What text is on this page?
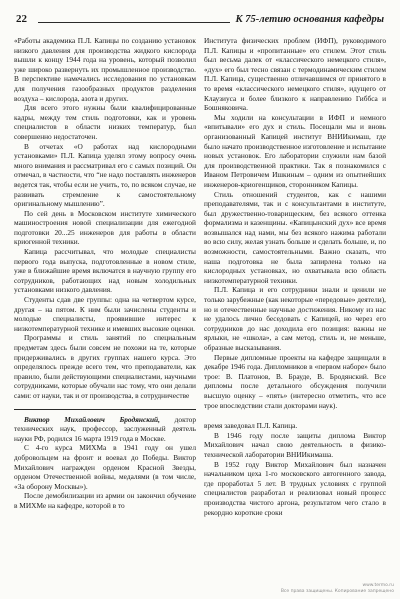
22	К 75-летию основания кафедры

«Работы академика П.Л. Капицы по созданию установок низкого давления для производства жидкого кислорода вышли к концу 1944 года на уровень, который позволил уже широко развернуть их промышленное производство. В перспективе намечались исследования по установкам для получения газообразных продуктов разделения воздуха – кислорода, азота и других.

Для всего этого нужны были квалифицированные кадры, между тем стиль подготовки, как и уровень специалистов в области низких температур, был совершенно недостаточен.

В отчетах «О работах над кислородными установками» П.Л. Капица уделял этому вопросу очень много внимания и рассматривал его с самых позиций. Он отмечал, в частности, что “не надо поставлять инженеров ведется так, чтобы если не учить, то, по всяком случае, не развивать стремление к самостоятельному оригинальному мышлению”.

По сей день в Московском институте химического машиностроения новой специализации для ежегодной подготовки 20...25 инженеров для работы в области криогенной техники.

Капица рассчитывал, что молодые специалисты первого года выпуска, подготовленные в новом стиле, уже в ближайшие время включатся в научную группу его сотрудников, работающих над новым холодильных установками низкого давления.

Студенты сдав две группы: одна на четвертом курсе, другая – на пятом. К ним были зачислены студенты и молодые специалисты, проявившие интерес к низкотемпературной технике и имевших высокие оценки.

Программы и стиль занятий по специальным предметам здесь были совсем не похожи на те, которые придерживались в других группах нашего курса. Это определялось прежде всего тем, что преподаватели, как правило, были действующими специалистами, научными сотрудниками, которые обучали нас тому, что они делали сами: от науки, так и от производства, в сотрудничестве

Виктор Михайлович Бродянский, доктор технических наук, профессор, заслуженный деятель науки РФ, родился 16 марта 1919 года в Москве.

С 4-го курса МИХМа в 1941 году он ушел добровольцем на фронт и воевал до Победы. Виктор Михайлович награжден орденом Красной Звезды, орденом Отечественной войны, медалями (в том числе, «За оборону Москвы»).

После демобилизации из армии он закончил обучение в МИХМе на кафедре, которой в то

Института физических проблем (ИФП), руководимого П.Л. Капицы и «пропитанные» его стилем. Этот стиль был весьма далек от «классического немецкого стиля», «дух» его был тесно связан с термодинамическим стилем П.Л. Капица, существенно отличавшимся от принятого в то время «классического немецкого стиля», идущего от Клаузиуса и более близкого к направлению Гиббса и Бошняковича.

Мы ходили на консультации в ИФП и немного «впитывали» его дух и стиль. Посещали мы и вновь организованный Капицей институт ВНИИкимаш, где было начато производственное изготовление и испытание новых установок. Его лаборатории служили нам базой для производственной практики. Так я познакомился с Иваном Петровичем Ишкиным – одним из опытнейших инженеров-криогенщиков, сторонником Капицы.

Стиль отношений студентов, как с нашими преподавателями, так и с консультантами в институте, был дружественно-товарищеским, без всякого оттенка формализма и казенщины. «Капицынский дух» все время возвышался над нами, мы без всякого нажима работали во всю силу, желая узнать больше и сделать больше, и, по возможности, самостоятельными. Важно сказать, что наша подготовка не была запирлена только на кислородных установках, но охватывала всю область низкотемпературной техники.

П.Л. Капица и его сотрудники знали и ценили не только зарубежные (как некоторые «передовые» деятели), но и отечественные научные достижения. Никому из нас не удалось лично беседовать с Капицей, но через его сотрудников до нас доходила его позиция: важны не ярлыки, не «школа», а сам метод, стиль и, не меньше, образные высказывания.

Первые дипломные проекты на кафедре защищали в декабре 1946 года. Дипломников в «первом наборе» было трое: В. Платонов, В. Брауде, В. Бродянский. Все дипломы после детального обсуждения получили высшую оценку – «пять» (интересно отметить, что все трое впоследствии стали докторами наук).

время заведовал П.Л. Капица.

В 1946 году после защиты диплома Виктор Михайлович начал свою деятельность в физико-технической лаборатории ВНИИкимаша.

В 1952 году Виктор Михайлович был назначен начальником цеха 1-го московского автогенного завода, где проработал 5 лет. В трудных условиях с группой специалистов разработал и реализовал новый процесс производства чистого аргона, результатом чего стало в рекордно короткие сроки

www.termo.ru
Все права защищены. Копирование запрещено
